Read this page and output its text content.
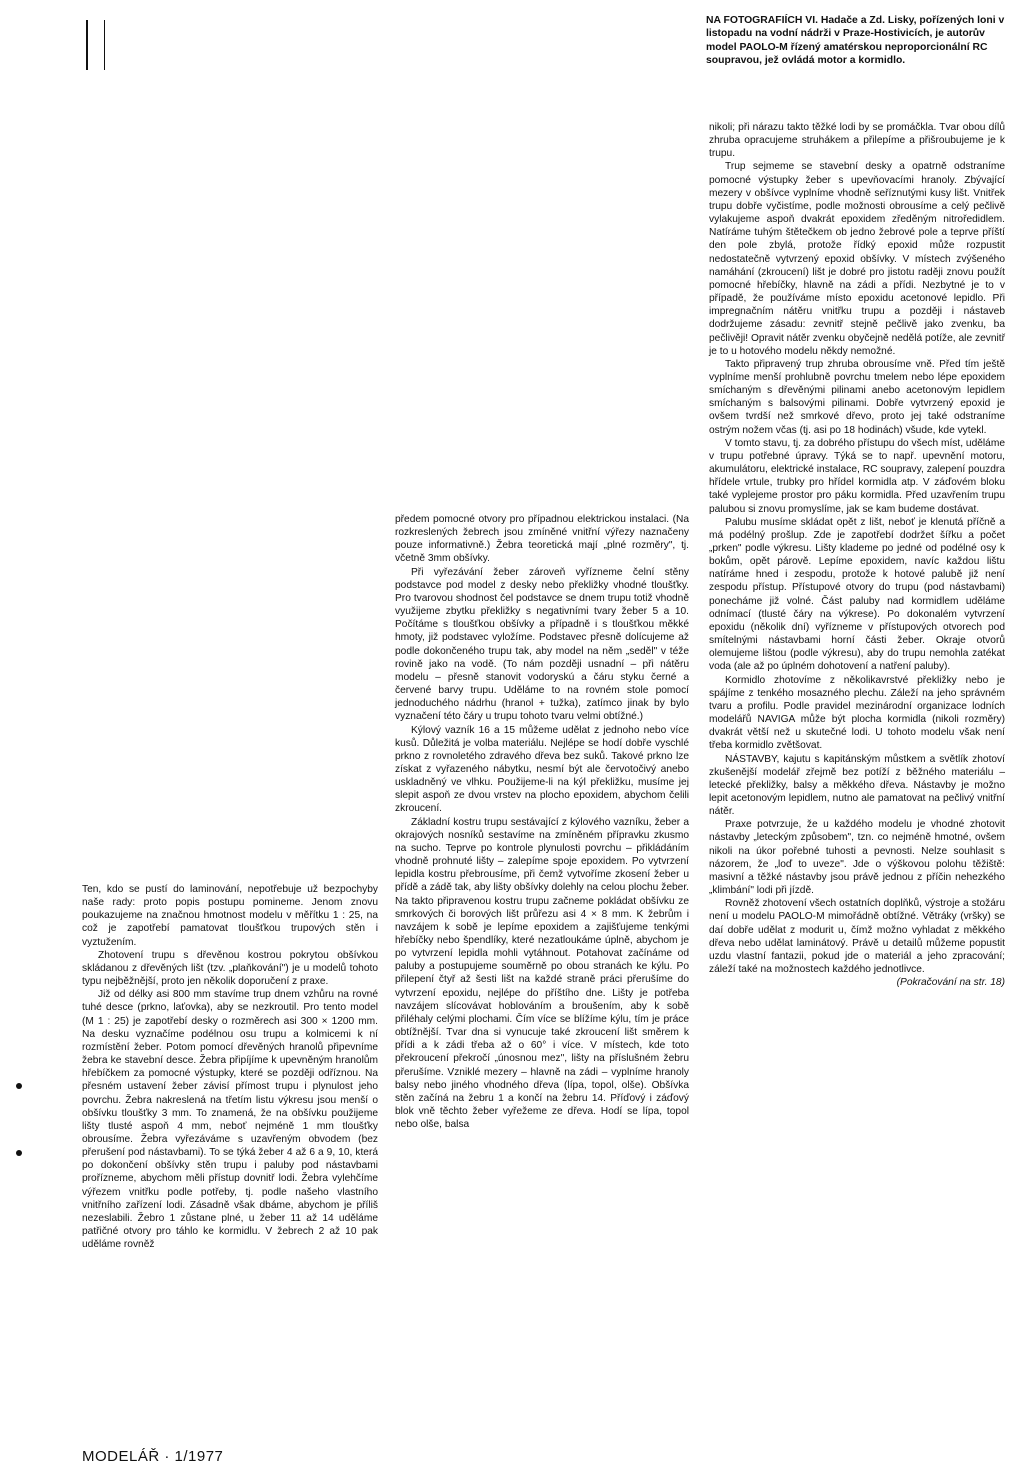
NA FOTOGRAFIÍCH VI. Hadače a Zd. Lisky, pořízených loni v listopadu na vodní nádrži v Praze-Hostivicích, je autorův model PAOLO-M řízený amatérskou neproporcionální RC soupravou, jež ovládá motor a kormidlo.

Ten, kdo se pustí do laminování, nepotřebuje už bezpochyby naše rady: proto popis postupu pomineme. Jenom znovu poukazujeme na značnou hmotnost modelu v měřítku 1 : 25, na což je zapotřebí pamatovat tloušťkou trupových stěn i vyztužením.

Zhotovení trupu s dřevěnou kostrou pokrytou obšívkou skládanou z dřevěných lišt (tzv. „plaňkování") je u modelů tohoto typu nejběžnější, proto jen několik doporučení z praxe.

Již od délky asi 800 mm stavíme trup dnem vzhůru na rovné tuhé desce (prkno, laťovka), aby se nezkroutil. Pro tento model (M 1 : 25) je zapotřebí desky o rozměrech asi 300 × 1200 mm. Na desku vyznačíme podélnou osu trupu a kolmicemi k ní rozmístění žeber. Potom pomocí dřevěných hranolů připevníme žebra ke stavební desce. Žebra připíjíme k upevněným hranolům hřebíčkem za pomocné výstupky, které se později odříznou. Na přesném ustavení žeber závisí přímost trupu i plynulost jeho povrchu. Žebra nakreslená na třetím listu výkresu jsou menší o obšívku tloušťky 3 mm. To znamená, že na obšívku použijeme lišty tlusté aspoň 4 mm, neboť nejméně 1 mm tloušťky obrousíme. Žebra vyřezáváme s uzavřeným obvodem (bez přerušení pod nástavbami). To se týká žeber 4 až 6 a 9, 10, která po dokončení obšívky stěn trupu i paluby pod nástavbami prořízneme, abychom měli přístup dovnitř lodi. Žebra vylehčíme výřezem vnitřku podle potřeby, tj. podle našeho vlastního vnitřního zařízení lodi. Zásadně však dbáme, abychom je příliš nezeslabili. Žebro 1 zůstane plné, u žeber 11 až 14 uděláme patřičné otvory pro táhlo ke kormidlu. V žebrech 2 až 10 pak uděláme rovněž

předem pomocné otvory pro případnou elektrickou instalaci. (Na rozkreslených žebrech jsou zmíněné vnitřní výřezy naznačeny pouze informativně.) Žebra teoretická mají „plné rozměry", tj. včetně 3mm obšívky.

Při vyřezávání žeber zároveň vyřízneme čelní stěny podstavce pod model z desky nebo překližky vhodné tloušťky. Pro tvarovou shodnost čel podstavce se dnem trupu totiž vhodně využijeme zbytku překližky s negativními tvary žeber 5 a 10. Počítáme s tloušťkou obšívky a případně i s tloušťkou měkké hmoty, již podstavec vyložíme. Podstavec přesně dolícujeme až podle dokončeného trupu tak, aby model na něm „seděl" v téže rovině jako na vodě. (To nám později usnadní – při nátěru modelu – přesně stanovit vodoryskú a čáru styku černé a červené barvy trupu. Uděláme to na rovném stole pomocí jednoduchého nádrhu (hranol + tužka), zatímco jinak by bylo vyznačení této čáry u trupu tohoto tvaru velmi obtížné.)

Kýlový vazník 16 a 15 můžeme udělat z jednoho nebo více kusů. Důležitá je volba materiálu. Nejlépe se hodí dobře vyschlé prkno z rovnoletého zdravého dřeva bez suků. Takové prkno lze získat z vyřazeného nábytku, nesmí být ale červotočivý anebo uskladněný ve vlhku. Použijeme-li na kýl překližku, musíme jej slepit aspoň ze dvou vrstev na plocho epoxidem, abychom čelili zkroucení.

Základní kostru trupu sestávající z kýlového vazníku, žeber a okrajových nosníků sestavíme na zmíněném přípravku zkusmo na sucho. Teprve po kontrole plynulosti povrchu – přikládáním vhodně prohnuté lišty – zalepíme spoje epoxidem. Po vytvrzení lepidla kostru přebrousíme, při čemž vytvoříme zkosení žeber u přídě a zádě tak, aby lišty obšívky dolehly na celou plochu žeber. Na takto připravenou kostru trupu začneme pokládat obšívku ze smrkových či borových lišt průřezu asi 4 × 8 mm. K žebrům i navzájem k sobě je lepíme epoxidem a zajišťujeme tenkými hřebíčky nebo špendlíky, které nezatloukáme úplně, abychom je po vytvrzení lepidla mohli vytáhnout. Potahovat začínáme od paluby a postupujeme souměrně po obou stranách ke kýlu. Po přilepení čtyř až šesti lišt na každé straně práci přerušíme do vytvrzení epoxidu, nejlépe do příštího dne. Lišty je potřeba navzájem slícovávat hoblováním a broušením, aby k sobě přiléhaly celými plochami. Čím více se blížíme kýlu, tím je práce obtížnější. Tvar dna si vynucuje také zkroucení lišt směrem k přídi a k zádi třeba až o 60° i více. V místech, kde toto překroucení překročí „únosnou mez", lišty na příslušném žebru přerušíme. Vzniklé mezery – hlavně na zádi – vyplníme hranoly balsy nebo jiného vhodného dřeva (lípa, topol, olše). Obšívka stěn začíná na žebru 1 a končí na žebru 14. Příďový i záďový blok vně těchto žeber vyřežeme ze dřeva. Hodí se lípa, topol nebo olše, balsa

nikoli; při nárazu takto těžké lodi by se promáčkla. Tvar obou dílů zhruba opracujeme struhákem a přilepíme a přišroubujeme je k trupu.

Trup sejmeme se stavební desky a opatrně odstraníme pomocné výstupky žeber s upevňovacími hranoly. Zbývající mezery v obšívce vyplníme vhodně seříznutými kusy lišt. Vnitřek trupu dobře vyčistíme, podle možnosti obrousíme a celý pečlivě vylakujeme aspoň dvakrát epoxidem zředěným nitroředidlem. Natíráme tuhým štětečkem ob jedno žebrové pole a teprve příští den pole zbylá, protože řídký epoxid může rozpustit nedostatečně vytvrzený epoxid obšívky. V místech zvýšeného namáhání (zkroucení) lišt je dobré pro jistotu raději znovu použít pomocné hřebíčky, hlavně na zádi a přídi. Nezbytné je to v případě, že používáme místo epoxidu acetonové lepidlo. Při impregnačním nátěru vnitřku trupu a později i nástaveb dodržujeme zásadu: zevnitř stejně pečlivě jako zvenku, ba pečlivěji! Opravit nátěr zvenku obyčejně nedělá potíže, ale zevnitř je to u hotového modelu někdy nemožné.

Takto připravený trup zhruba obrousíme vně. Před tím ještě vyplníme menší prohlubně povrchu tmelem nebo lépe epoxidem smíchaným s dřevěnými pilinami anebo acetonovým lepidlem smíchaným s balsovými pilinami. Dobře vytvrzený epoxid je ovšem tvrdší než smrkové dřevo, proto jej také odstraníme ostrým nožem včas (tj. asi po 18 hodinách) všude, kde vytekl.

V tomto stavu, tj. za dobrého přístupu do všech míst, uděláme v trupu potřebné úpravy. Týká se to např. upevnění motoru, akumulátoru, elektrické instalace, RC soupravy, zalepení pouzdra hřídele vrtule, trubky pro hřídel kormidla atp. V záďovém bloku také vyplejeme prostor pro páku kormidla. Před uzavřením trupu palubou si znovu promyslíme, jak se kam budeme dostávat.

Palubu musíme skládat opět z lišt, neboť je klenutá příčně a má podélný prošlup. Zde je zapotřebí dodržet šířku a počet „prken" podle výkresu. Lišty klademe po jedné od podélné osy k bokům, opět párově. Lepíme epoxidem, navíc každou lištu natíráme hned i zespodu, protože k hotové palubě již není zespodu přístup. Přístupové otvory do trupu (pod nástavbami) ponecháme již volné. Část paluby nad kormidlem uděláme odnímací (tlusté čáry na výkrese). Po dokonalém vytvrzení epoxidu (několik dní) vyřízneme v přístupových otvorech pod smítelnými nástavbami horní části žeber. Okraje otvorů olemujeme lištou (podle výkresu), aby do trupu nemohla zatékat voda (ale až po úplném dohotovení a natření paluby).

Kormidlo zhotovíme z několikavrstvé překližky nebo je spájíme z tenkého mosazného plechu. Záleží na jeho správném tvaru a profilu. Podle pravidel mezinárodní organizace lodních modelářů NAVIGA může být plocha kormidla (nikoli rozměry) dvakrát větší než u skutečné lodi. U tohoto modelu však není třeba kormidlo zvětšovat.

NÁSTAVBY, kajutu s kapitánským můstkem a světlík zhotoví zkušenější modelář zřejmě bez potíží z běžného materiálu – letecké překližky, balsy a měkkého dřeva. Nástavby je možno lepit acetonovým lepidlem, nutno ale pamatovat na pečlivý vnitřní nátěr.

Praxe potvrzuje, že u každého modelu je vhodné zhotovit nástavby „leteckým způsobem", tzn. co nejméně hmotné, ovšem nikoli na úkor pořebné tuhosti a pevnosti. Nelze souhlasit s názorem, že „loď to uveze". Jde o výškovou polohu těžiště: masivní a těžké nástavby jsou právě jednou z příčin nehezkého „klimbání" lodi při jízdě.

Rovněž zhotovení všech ostatních doplňků, výstroje a stožáru není u modelu PAOLO-M mimořádně obtížné. Větráky (vršky) se daí dobře udělat z modurit u, čímž možno vyhladat z měkkého dřeva nebo udělat laminátový. Právě u detailů můžeme popustit uzdu vlastní fantazii, pokud jde o materiál a jeho zpracování; záleží také na možnostech každého jednotlivce.

(Pokračování na str. 18)

MODELÁŘ · 1/1977
